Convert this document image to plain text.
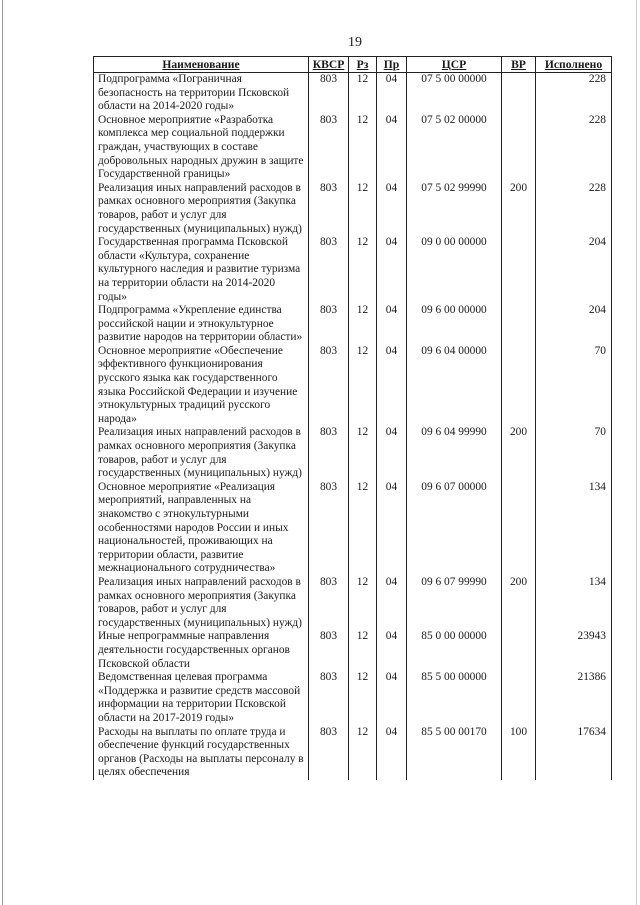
19
Наименование	КВСР	Рз	Пр	ЦСР	ВР	Исполнено
Подпрограмма «Пограничная безопасность на территории Псковской области на 2014-2020 годы»	803	12	04	07 5 00 00000		228
Основное мероприятие «Разработка комплекса мер социальной поддержки граждан, участвующих в составе добровольных народных дружин в защите Государственной границы»	803	12	04	07 5 02 00000		228
Реализация иных направлений расходов в рамках основного мероприятия (Закупка товаров, работ и услуг для государственных (муниципальных) нужд)	803	12	04	07 5 02 99990	200	228
Государственная программа Псковской области «Культура, сохранение культурного наследия и развитие туризма на территории области на 2014-2020 годы»	803	12	04	09 0 00 00000		204
Подпрограмма «Укрепление единства российской нации и этнокультурное развитие народов на территории области»	803	12	04	09 6 00 00000		204
Основное мероприятие «Обеспечение эффективного функционирования русского языка как государственного языка Российской Федерации и изучение этнокультурных традиций русского народа»	803	12	04	09 6 04 00000		70
Реализация иных направлений расходов в рамках основного мероприятия (Закупка товаров, работ и услуг для государственных (муниципальных) нужд)	803	12	04	09 6 04 99990	200	70
Основное мероприятие «Реализация мероприятий, направленных на знакомство с этнокультурными особенностями народов России и иных национальностей, проживающих на территории области, развитие межнационального сотрудничества»	803	12	04	09 6 07 00000		134
Реализация иных направлений расходов в рамках основного мероприятия (Закупка товаров, работ и услуг для государственных (муниципальных) нужд)	803	12	04	09 6 07 99990	200	134
Иные непрограммные направления деятельности государственных органов Псковской области	803	12	04	85 0 00 00000		23943
Ведомственная целевая программа «Поддержка и развитие средств массовой информации на территории Псковской области на 2017-2019 годы»	803	12	04	85 5 00 00000		21386
Расходы на выплаты по оплате труда и обеспечение функций государственных органов (Расходы на выплаты персоналу в целях обеспечения	803	12	04	85 5 00 00170	100	17634
